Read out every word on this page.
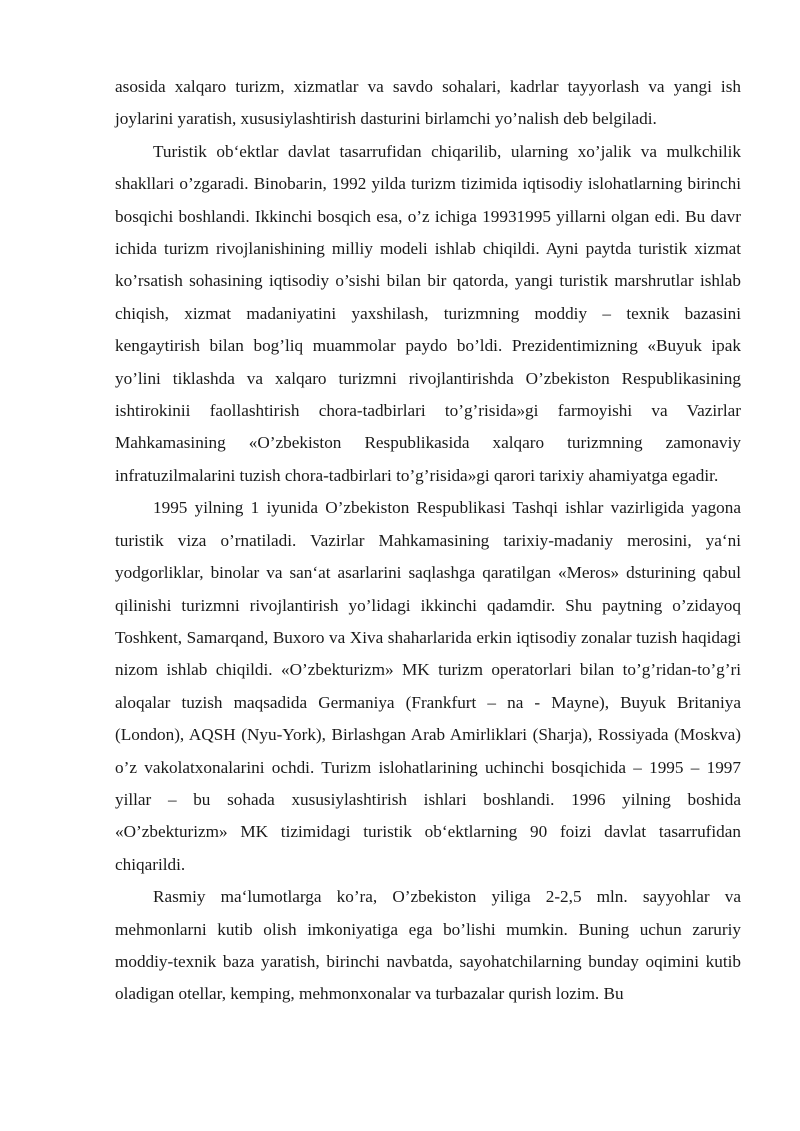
asosida xalqaro turizm, xizmatlar va savdo sohalari, kadrlar tayyorlash va yangi ish joylarini yaratish, xususiylashtirish dasturini birlamchi yo’nalish deb belgiladi.

Turistik ob‘ektlar davlat tasarrufidan chiqarilib, ularning xo’jalik va mulkchilik shakllari o’zgaradi. Binobarin, 1992 yilda turizm tizimida iqtisodiy islohatlarning birinchi bosqichi boshlandi. Ikkinchi bosqich esa, o’z ichiga 19931995 yillarni olgan edi. Bu davr ichida turizm rivojlanishining milliy modeli ishlab chiqildi. Ayni paytda turistik xizmat ko’rsatish sohasining iqtisodiy o’sishi bilan bir qatorda, yangi turistik marshrutlar ishlab chiqish, xizmat madaniyatini yaxshilash, turizmning moddiy – texnik bazasini kengaytirish bilan bog’liq muammolar paydo bo’ldi. Prezidentimizning «Buyuk ipak yo’lini tiklashda va xalqaro turizmni rivojlantirishda O’zbekiston Respublikasining ishtirokinii faollashtirish chora-tadbirlari to’g’risida»gi farmoyishi va Vazirlar Mahkamasining «O’zbekiston Respublikasida xalqaro turizmning zamonaviy infratuzilmalarini tuzish chora-tadbirlari to’g’risida»gi qarori tarixiy ahamiyatga egadir.

1995 yilning 1 iyunida O’zbekiston Respublikasi Tashqi ishlar vazirligida yagona turistik viza o’rnatiladi. Vazirlar Mahkamasining tarixiy-madaniy merosini, ya‘ni yodgorliklar, binolar va san‘at asarlarini saqlashga qaratilgan «Meros» dsturining qabul qilinishi turizmni rivojlantirish yo’lidagi ikkinchi qadamdir. Shu paytning o’zidayoq Toshkent, Samarqand, Buxoro va Xiva shaharlarida erkin iqtisodiy zonalar tuzish haqidagi nizom ishlab chiqildi. «O’zbekturizm» MK turizm operatorlari bilan to’g’ridan-to’g’ri aloqalar tuzish maqsadida Germaniya (Frankfurt – na - Mayne), Buyuk Britaniya (London), AQSH (Nyu-York), Birlashgan Arab Amirliklari (Sharja), Rossiyada (Moskva) o’z vakolatxonalarini ochdi. Turizm islohatlarining uchinchi bosqichida – 1995 – 1997 yillar – bu sohada xususiylashtirish ishlari boshlandi. 1996 yilning boshida «O’zbekturizm» MK tizimidagi turistik ob‘ektlarning 90 foizi davlat tasarrufidan chiqarildi.

Rasmiy ma‘lumotlarga ko’ra, O’zbekiston yiliga 2-2,5 mln. sayyohlar va mehmonlarni kutib olish imkoniyatiga ega bo’lishi mumkin. Buning uchun zaruriy moddiy-texnik baza yaratish, birinchi navbatda, sayohatchilarning bunday oqimini kutib oladigan otellar, kemping, mehmonxonalar va turbazalar qurish lozim. Bu
